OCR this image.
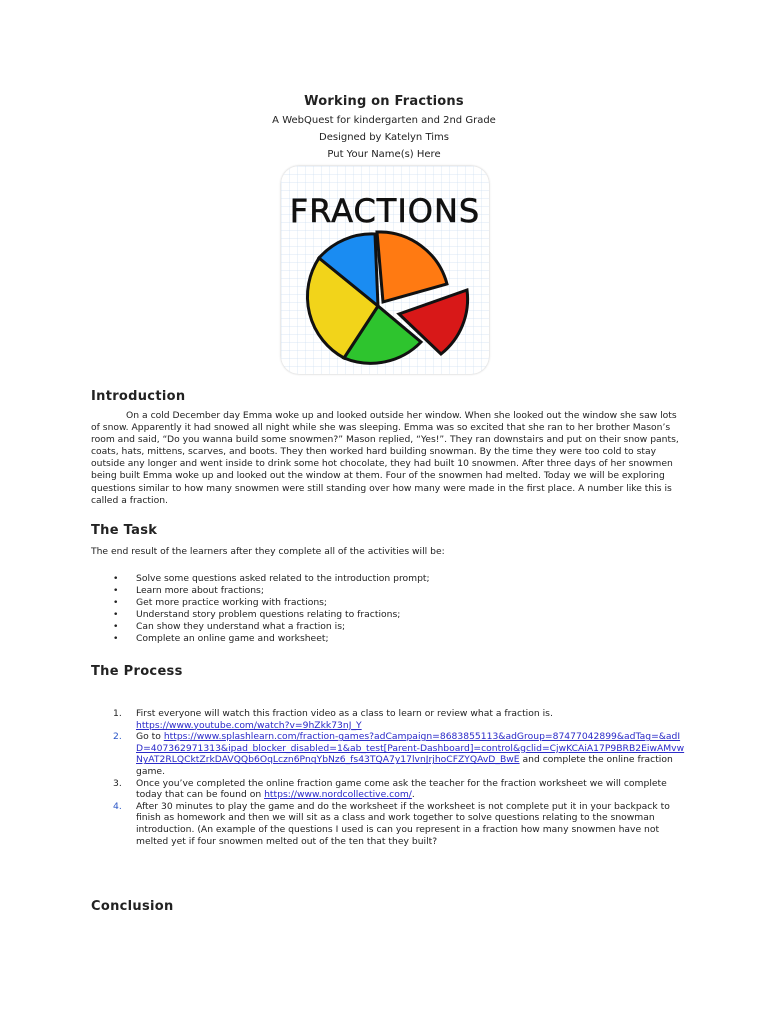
Working on Fractions
A WebQuest for kindergarten and 2nd Grade
Designed by Katelyn Tims
Put Your Name(s) Here
FRACTIONS
Introduction

On a cold December day Emma woke up and looked outside her window. When she looked out the window she saw lots of snow. Apparently it had snowed all night while she was sleeping. Emma was so excited that she ran to her brother Mason’s room and said, “Do you wanna build some snowmen?” Mason replied, “Yes!”. They ran downstairs and put on their snow pants, coats, hats, mittens, scarves, and boots. They then worked hard building snowman. By the time they were too cold to stay outside any longer and went inside to drink some hot chocolate, they had built 10 snowmen. After three days of her snowmen being built Emma woke up and looked out the window at them. Four of the snowmen had melted. Today we will be exploring questions similar to how many snowmen were still standing over how many were made in the first place. A number like this is called a fraction.

The Task

The end result of the learners after they complete all of the activities will be:

• Solve some questions asked related to the introduction prompt;
• Learn more about fractions;
• Get more practice working with fractions;
• Understand story problem questions relating to fractions;
• Can show they understand what a fraction is;
• Complete an online game and worksheet;
The Process
1. First everyone will watch this fraction video as a class to learn or review what a fraction is.
https://www.youtube.com/watch?v=9hZkk73nJ_Y
2. Go to https://www.splashlearn.com/fraction-games?adCampaign=8683855113&adGroup=87477042899&adTag=&adID=407362971313&ipad_blocker_disabled=1&ab_test[Parent-Dashboard]=control&gclid=CjwKCAiA17P9BRB2EiwAMvwNyAT2RLQCktZrkDAVQQb6OqLczn6PngYbNz6_fs43TQA7y17lvnJrjhoCFZYQAvD_BwE and complete the online fraction game.
3. Once you’ve completed the online fraction game come ask the teacher for the fraction worksheet we will complete today that can be found on https://www.nordcollective.com/.
4. After 30 minutes to play the game and do the worksheet if the worksheet is not complete put it in your backpack to finish as homework and then we will sit as a class and work together to solve questions relating to the snowman introduction. (An example of the questions I used is can you represent in a fraction how many snowmen have not melted yet if four snowmen melted out of the ten that they built?
Conclusion
